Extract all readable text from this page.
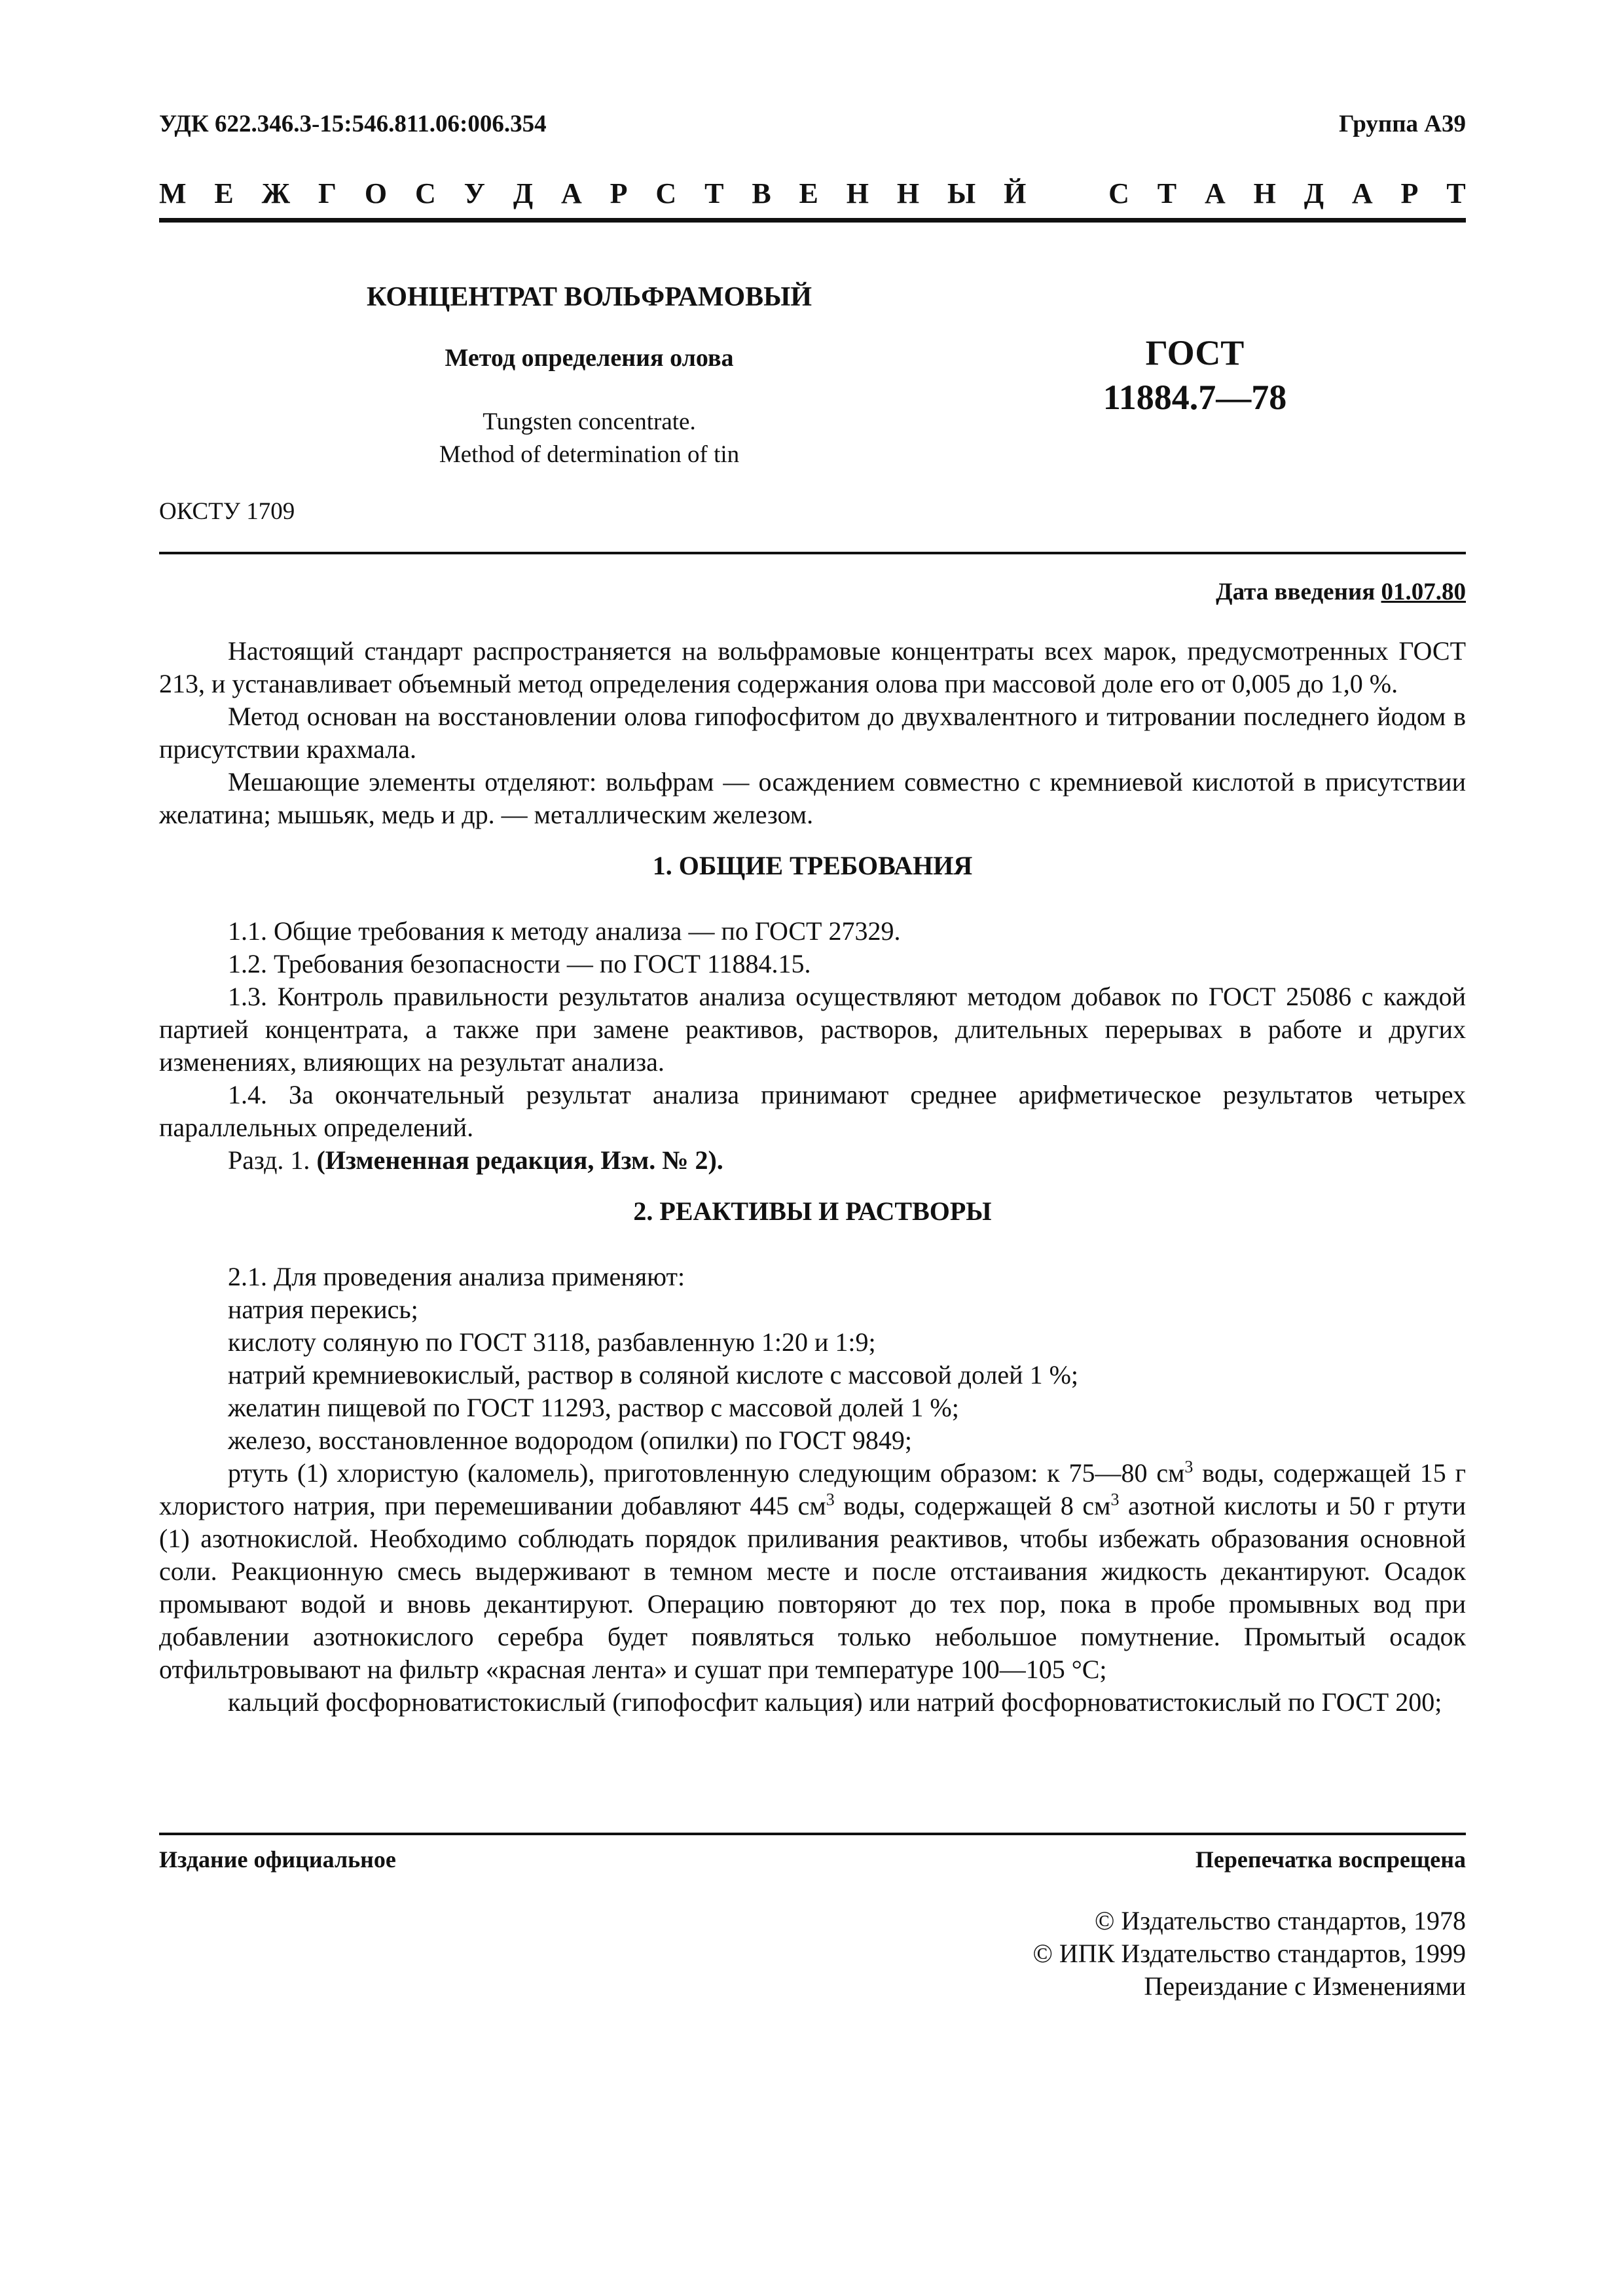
УДК 622.346.3-15:546.811.06:006.354	Группа А39
М Е Ж Г О С У Д А Р С Т В Е Н Н Ы Й	С Т А Н Д А Р Т
КОНЦЕНТРАТ ВОЛЬФРАМОВЫЙ
Метод определения олова
Tungsten concentrate.
Method of determination of tin
ГОСТ
11884.7—78
ОКСТУ 1709
Дата введения 01.07.80

Настоящий стандарт распространяется на вольфрамовые концентраты всех марок, предусмотренных ГОСТ 213, и устанавливает объемный метод определения содержания олова при массовой доле его от 0,005 до 1,0 %.

Метод основан на восстановлении олова гипофосфитом до двухвалентного и титровании последнего йодом в присутствии крахмала.

Мешающие элементы отделяют: вольфрам — осаждением совместно с кремниевой кислотой в присутствии желатина; мышьяк, медь и др. — металлическим железом.

1. ОБЩИЕ ТРЕБОВАНИЯ

1.1. Общие требования к методу анализа — по ГОСТ 27329.

1.2. Требования безопасности — по ГОСТ 11884.15.

1.3. Контроль правильности результатов анализа осуществляют методом добавок по ГОСТ 25086 с каждой партией концентрата, а также при замене реактивов, растворов, длительных перерывах в работе и других изменениях, влияющих на результат анализа.

1.4. За окончательный результат анализа принимают среднее арифметическое результатов четырех параллельных определений.

Разд. 1. (Измененная редакция, Изм. № 2).

2. РЕАКТИВЫ И РАСТВОРЫ

2.1. Для проведения анализа применяют:

натрия перекись;

кислоту соляную по ГОСТ 3118, разбавленную 1:20 и 1:9;

натрий кремниевокислый, раствор в соляной кислоте с массовой долей 1 %;

желатин пищевой по ГОСТ 11293, раствор с массовой долей 1 %;

железо, восстановленное водородом (опилки) по ГОСТ 9849;

ртуть (1) хлористую (каломель), приготовленную следующим образом: к 75—80 $см^3$ воды, содержащей 15 г хлористого натрия, при перемешивании добавляют 445 $см^3$ воды, содержащей 8 $см^3$ азотной кислоты и 50 г ртути (1) азотнокислой. Необходимо соблюдать порядок приливания реактивов, чтобы избежать образования основной соли. Реакционную смесь выдерживают в темном месте и после отстаивания жидкость декантируют. Осадок промывают водой и вновь декантируют. Операцию повторяют до тех пор, пока в пробе промывных вод при добавлении азотнокислого серебра будет появляться только небольшое помутнение. Промытый осадок отфильтровывают на фильтр «красная лента» и сушат при температуре 100—105 °С;

кальций фосфорноватистокислый (гипофосфит кальция) или натрий фосфорноватистокислый по ГОСТ 200;

Издание официальное	Перепечатка воспрещена
© Издательство стандартов, 1978
© ИПК Издательство стандартов, 1999
Переиздание с Изменениями
